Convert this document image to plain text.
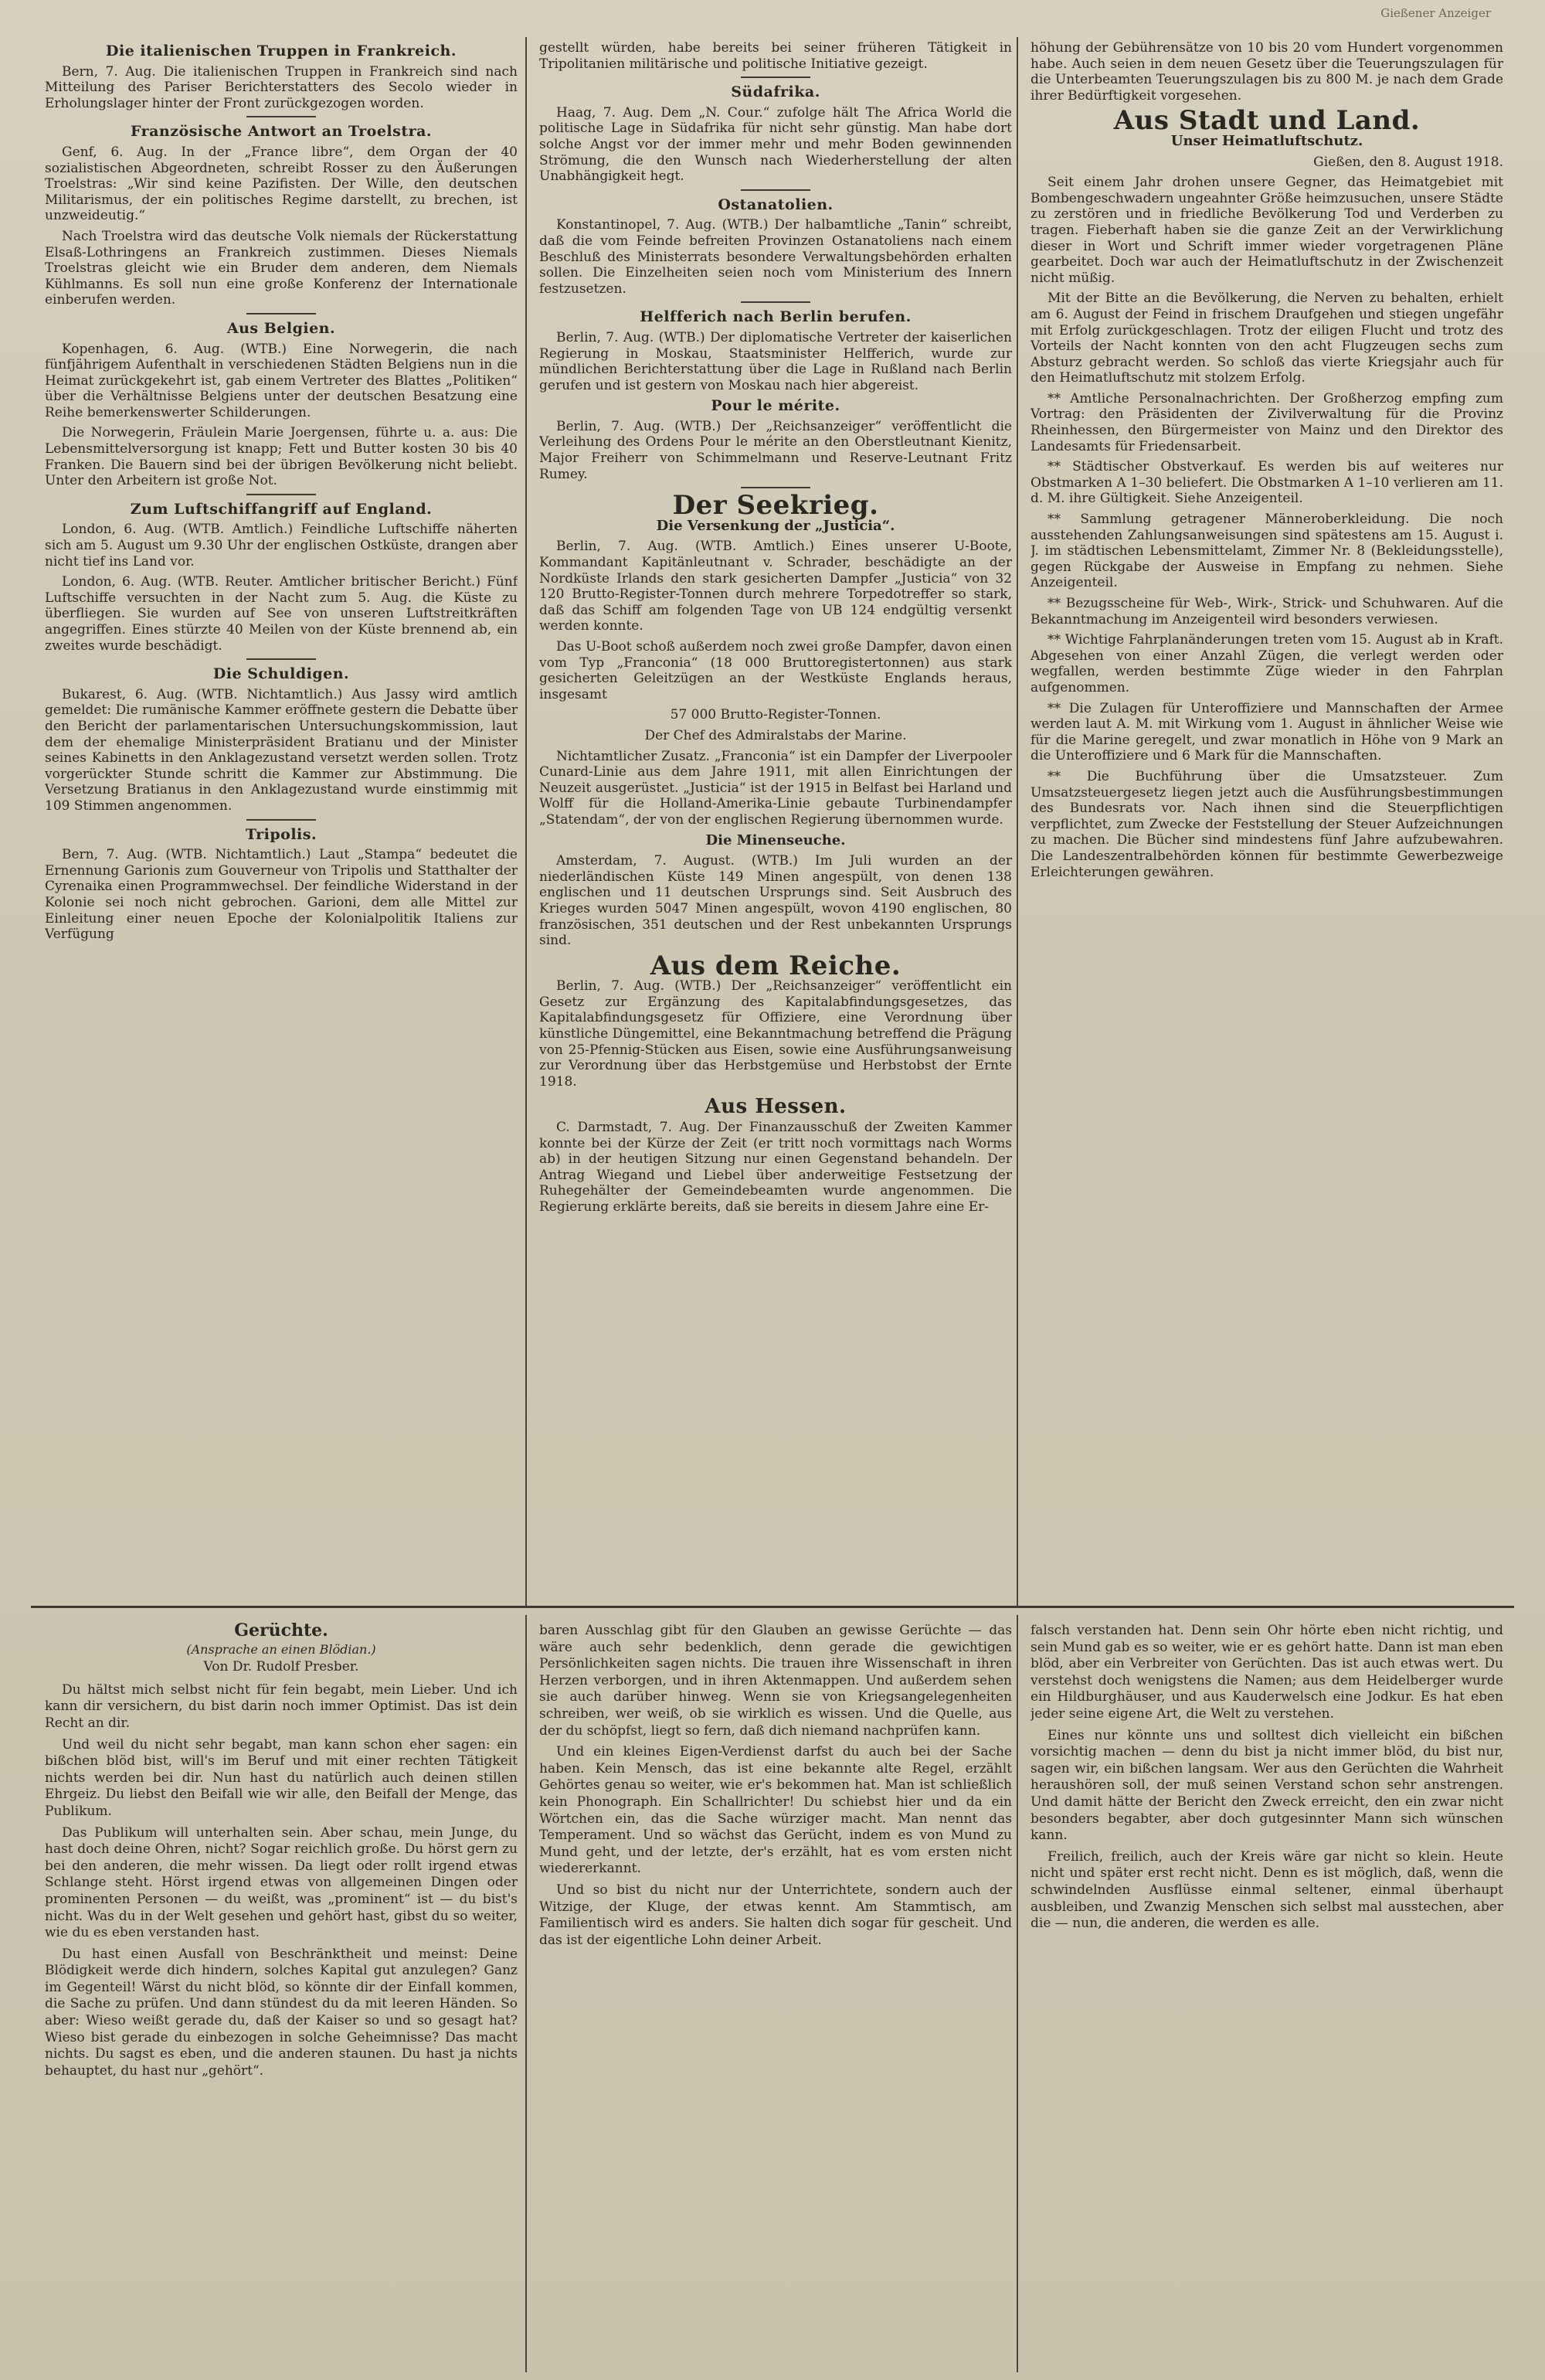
Gießener Anzeiger
Die italienischen Truppen in Frankreich.

Bern, 7. Aug. Die italienischen Truppen in Frankreich sind nach Mitteilung des Pariser Berichterstatters des Secolo wieder in Erholungslager hinter der Front zurückgezogen worden.

Französische Antwort an Troelstra.

Genf, 6. Aug. In der „France libre“, dem Organ der 40 sozialistischen Abgeordneten, schreibt Rosser zu den Äußerungen Troelstras: „Wir sind keine Pazifisten. Der Wille, den deutschen Militarismus, der ein politisches Regime darstellt, zu brechen, ist unzweideutig.“

Nach Troelstra wird das deutsche Volk niemals der Rückerstattung Elsaß-Lothringens an Frankreich zustimmen. Dieses Niemals Troelstras gleicht wie ein Bruder dem anderen, dem Niemals Kühlmanns. Es soll nun eine große Konferenz der Internationale einberufen werden.

Aus Belgien.

Kopenhagen, 6. Aug. (WTB.) Eine Norwegerin, die nach fünfjährigem Aufenthalt in verschiedenen Städten Belgiens nun in die Heimat zurückgekehrt ist, gab einem Vertreter des Blattes „Politiken“ über die Verhältnisse Belgiens unter der deutschen Besatzung eine Reihe bemerkenswerter Schilderungen.

Die Norwegerin, Fräulein Marie Joergensen, führte u. a. aus: Die Lebensmittelversorgung ist knapp; Fett und Butter kosten 30 bis 40 Franken. Die Bauern sind bei der übrigen Bevölkerung nicht beliebt. Unter den Arbeitern ist große Not.

Zum Luftschiffangriff auf England.

London, 6. Aug. (WTB. Amtlich.) Feindliche Luftschiffe näherten sich am 5. August um 9.30 Uhr der englischen Ostküste, drangen aber nicht tief ins Land vor.

London, 6. Aug. (WTB. Reuter. Amtlicher britischer Bericht.) Fünf Luftschiffe versuchten in der Nacht zum 5. Aug. die Küste zu überfliegen. Sie wurden auf See von unseren Luftstreitkräften angegriffen. Eines stürzte 40 Meilen von der Küste brennend ab, ein zweites wurde beschädigt.

Die Schuldigen.

Bukarest, 6. Aug. (WTB. Nichtamtlich.) Aus Jassy wird amtlich gemeldet: Die rumänische Kammer eröffnete gestern die Debatte über den Bericht der parlamentarischen Untersuchungskommission, laut dem der ehemalige Ministerpräsident Bratianu und der Minister seines Kabinetts in den Anklagezustand versetzt werden sollen. Trotz vorgerückter Stunde schritt die Kammer zur Abstimmung. Die Versetzung Bratianus in den Anklagezustand wurde einstimmig mit 109 Stimmen angenommen.

Tripolis.

Bern, 7. Aug. (WTB. Nichtamtlich.) Laut „Stampa“ bedeutet die Ernennung Garionis zum Gouverneur von Tripolis und Statthalter der Cyrenaika einen Programmwechsel. Der feindliche Widerstand in der Kolonie sei noch nicht gebrochen. Garioni, dem alle Mittel zur Einleitung einer neuen Epoche der Kolonialpolitik Italiens zur Verfügung

gestellt würden, habe bereits bei seiner früheren Tätigkeit in Tripolitanien militärische und politische Initiative gezeigt.

Südafrika.

Haag, 7. Aug. Dem „N. Cour.“ zufolge hält The Africa World die politische Lage in Südafrika für nicht sehr günstig. Man habe dort solche Angst vor der immer mehr und mehr Boden gewinnenden Strömung, die den Wunsch nach Wiederherstellung der alten Unabhängigkeit hegt.

Ostanatolien.

Konstantinopel, 7. Aug. (WTB.) Der halbamtliche „Tanin“ schreibt, daß die vom Feinde befreiten Provinzen Ostanatoliens nach einem Beschluß des Ministerrats besondere Verwaltungsbehörden erhalten sollen. Die Einzelheiten seien noch vom Ministerium des Innern festzusetzen.

Helfferich nach Berlin berufen.

Berlin, 7. Aug. (WTB.) Der diplomatische Vertreter der kaiserlichen Regierung in Moskau, Staatsminister Helfferich, wurde zur mündlichen Berichterstattung über die Lage in Rußland nach Berlin gerufen und ist gestern von Moskau nach hier abgereist.

Pour le mérite.

Berlin, 7. Aug. (WTB.) Der „Reichsanzeiger“ veröffentlicht die Verleihung des Ordens Pour le mérite an den Oberstleutnant Kienitz, Major Freiherr von Schimmelmann und Reserve-Leutnant Fritz Rumey.

Der Seekrieg.
Die Versenkung der „Justicia“.

Berlin, 7. Aug. (WTB. Amtlich.) Eines unserer U-Boote, Kommandant Kapitänleutnant v. Schrader, beschädigte an der Nordküste Irlands den stark gesicherten Dampfer „Justicia“ von 32 120 Brutto-Register-Tonnen durch mehrere Torpedotreffer so stark, daß das Schiff am folgenden Tage von UB 124 endgültig versenkt werden konnte.

Das U-Boot schoß außerdem noch zwei große Dampfer, davon einen vom Typ „Franconia“ (18 000 Bruttoregistertonnen) aus stark gesicherten Geleitzügen an der Westküste Englands heraus, insgesamt

57 000 Brutto-Register-Tonnen.

Der Chef des Admiralstabs der Marine.

Nichtamtlicher Zusatz. „Franconia“ ist ein Dampfer der Liverpooler Cunard-Linie aus dem Jahre 1911, mit allen Einrichtungen der Neuzeit ausgerüstet. „Justicia“ ist der 1915 in Belfast bei Harland und Wolff für die Holland-Amerika-Linie gebaute Turbinendampfer „Statendam“, der von der englischen Regierung übernommen wurde.

Die Minenseuche.

Amsterdam, 7. August. (WTB.) Im Juli wurden an der niederländischen Küste 149 Minen angespült, von denen 138 englischen und 11 deutschen Ursprungs sind. Seit Ausbruch des Krieges wurden 5047 Minen angespült, wovon 4190 englischen, 80 französischen, 351 deutschen und der Rest unbekannten Ursprungs sind.

Aus dem Reiche.

Berlin, 7. Aug. (WTB.) Der „Reichsanzeiger“ veröffentlicht ein Gesetz zur Ergänzung des Kapitalabfindungsgesetzes, das Kapitalabfindungsgesetz für Offiziere, eine Verordnung über künstliche Düngemittel, eine Bekanntmachung betreffend die Prägung von 25-Pfennig-Stücken aus Eisen, sowie eine Ausführungsanweisung zur Verordnung über das Herbstgemüse und Herbstobst der Ernte 1918.

Aus Hessen.

C. Darmstadt, 7. Aug. Der Finanzausschuß der Zweiten Kammer konnte bei der Kürze der Zeit (er tritt noch vormittags nach Worms ab) in der heutigen Sitzung nur einen Gegenstand behandeln. Der Antrag Wiegand und Liebel über anderweitige Festsetzung der Ruhegehälter der Gemeindebeamten wurde angenommen. Die Regierung erklärte bereits, daß sie bereits in diesem Jahre eine Er-

höhung der Gebührensätze von 10 bis 20 vom Hundert vorgenommen habe. Auch seien in dem neuen Gesetz über die Teuerungszulagen für die Unterbeamten Teuerungszulagen bis zu 800 M. je nach dem Grade ihrer Bedürftigkeit vorgesehen.

Aus Stadt und Land.
Unser Heimatluftschutz.

Gießen, den 8. August 1918.

Seit einem Jahr drohen unsere Gegner, das Heimatgebiet mit Bombengeschwadern ungeahnter Größe heimzusuchen, unsere Städte zu zerstören und in friedliche Bevölkerung Tod und Verderben zu tragen. Fieberhaft haben sie die ganze Zeit an der Verwirklichung dieser in Wort und Schrift immer wieder vorgetragenen Pläne gearbeitet. Doch war auch der Heimatluftschutz in der Zwischenzeit nicht müßig.

Mit der Bitte an die Bevölkerung, die Nerven zu behalten, erhielt am 6. August der Feind in frischem Draufgehen und stiegen ungefähr mit Erfolg zurückgeschlagen. Trotz der eiligen Flucht und trotz des Vorteils der Nacht konnten von den acht Flugzeugen sechs zum Absturz gebracht werden. So schloß das vierte Kriegsjahr auch für den Heimatluftschutz mit stolzem Erfolg.

** Amtliche Personalnachrichten. Der Großherzog empfing zum Vortrag: den Präsidenten der Zivilverwaltung für die Provinz Rheinhessen, den Bürgermeister von Mainz und den Direktor des Landesamts für Friedensarbeit.

** Städtischer Obstverkauf. Es werden bis auf weiteres nur Obstmarken A 1–30 beliefert. Die Obstmarken A 1–10 verlieren am 11. d. M. ihre Gültigkeit. Siehe Anzeigenteil.

** Sammlung getragener Männeroberkleidung. Die noch ausstehenden Zahlungsanweisungen sind spätestens am 15. August i. J. im städtischen Lebensmittelamt, Zimmer Nr. 8 (Bekleidungsstelle), gegen Rückgabe der Ausweise in Empfang zu nehmen. Siehe Anzeigenteil.

** Bezugsscheine für Web-, Wirk-, Strick- und Schuhwaren. Auf die Bekanntmachung im Anzeigenteil wird besonders verwiesen.

** Wichtige Fahrplanänderungen treten vom 15. August ab in Kraft. Abgesehen von einer Anzahl Zügen, die verlegt werden oder wegfallen, werden bestimmte Züge wieder in den Fahrplan aufgenommen.

** Die Zulagen für Unteroffiziere und Mannschaften der Armee werden laut A. M. mit Wirkung vom 1. August in ähnlicher Weise wie für die Marine geregelt, und zwar monatlich in Höhe von 9 Mark an die Unteroffiziere und 6 Mark für die Mannschaften.

** Die Buchführung über die Umsatzsteuer. Zum Umsatzsteuergesetz liegen jetzt auch die Ausführungsbestimmungen des Bundesrats vor. Nach ihnen sind die Steuerpflichtigen verpflichtet, zum Zwecke der Feststellung der Steuer Aufzeichnungen zu machen. Die Bücher sind mindestens fünf Jahre aufzubewahren. Die Landeszentralbehörden können für bestimmte Gewerbezweige Erleichterungen gewähren.

Gerüchte.
(Ansprache an einen Blödian.)
Von Dr. Rudolf Presber.

Du hältst mich selbst nicht für fein begabt, mein Lieber. Und ich kann dir versichern, du bist darin noch immer Optimist. Das ist dein Recht an dir.

Und weil du nicht sehr begabt, man kann schon eher sagen: ein bißchen blöd bist, will's im Beruf und mit einer rechten Tätigkeit nichts werden bei dir. Nun hast du natürlich auch deinen stillen Ehrgeiz. Du liebst den Beifall wie wir alle, den Beifall der Menge, das Publikum.

Das Publikum will unterhalten sein. Aber schau, mein Junge, du hast doch deine Ohren, nicht? Sogar reichlich große. Du hörst gern zu bei den anderen, die mehr wissen. Da liegt oder rollt irgend etwas Schlange steht. Hörst irgend etwas von allgemeinen Dingen oder prominenten Personen — du weißt, was „prominent“ ist — du bist's nicht. Was du in der Welt gesehen und gehört hast, gibst du so weiter, wie du es eben verstanden hast.

Du hast einen Ausfall von Beschränktheit und meinst: Deine Blödigkeit werde dich hindern, solches Kapital gut anzulegen? Ganz im Gegenteil! Wärst du nicht blöd, so könnte dir der Einfall kommen, die Sache zu prüfen. Und dann stündest du da mit leeren Händen. So aber: Wieso weißt gerade du, daß der Kaiser so und so gesagt hat? Wieso bist gerade du einbezogen in solche Geheimnisse? Das macht nichts. Du sagst es eben, und die anderen staunen. Du hast ja nichts behauptet, du hast nur „gehört“.

baren Ausschlag gibt für den Glauben an gewisse Gerüchte — das wäre auch sehr bedenklich, denn gerade die gewichtigen Persönlichkeiten sagen nichts. Die trauen ihre Wissenschaft in ihren Herzen verborgen, und in ihren Aktenmappen. Und außerdem sehen sie auch darüber hinweg. Wenn sie von Kriegsangelegenheiten schreiben, wer weiß, ob sie wirklich es wissen. Und die Quelle, aus der du schöpfst, liegt so fern, daß dich niemand nachprüfen kann.

Und ein kleines Eigen-Verdienst darfst du auch bei der Sache haben. Kein Mensch, das ist eine bekannte alte Regel, erzählt Gehörtes genau so weiter, wie er's bekommen hat. Man ist schließlich kein Phonograph. Ein Schallrichter! Du schiebst hier und da ein Wörtchen ein, das die Sache würziger macht. Man nennt das Temperament. Und so wächst das Gerücht, indem es von Mund zu Mund geht, und der letzte, der's erzählt, hat es vom ersten nicht wiedererkannt.

Und so bist du nicht nur der Unterrichtete, sondern auch der Witzige, der Kluge, der etwas kennt. Am Stammtisch, am Familientisch wird es anders. Sie halten dich sogar für gescheit. Und das ist der eigentliche Lohn deiner Arbeit.

falsch verstanden hat. Denn sein Ohr hörte eben nicht richtig, und sein Mund gab es so weiter, wie er es gehört hatte. Dann ist man eben blöd, aber ein Verbreiter von Gerüchten. Das ist auch etwas wert. Du verstehst doch wenigstens die Namen; aus dem Heidelberger wurde ein Hildburghäuser, und aus Kauderwelsch eine Jodkur. Es hat eben jeder seine eigene Art, die Welt zu verstehen.

Eines nur könnte uns und solltest dich vielleicht ein bißchen vorsichtig machen — denn du bist ja nicht immer blöd, du bist nur, sagen wir, ein bißchen langsam. Wer aus den Gerüchten die Wahrheit heraushören soll, der muß seinen Verstand schon sehr anstrengen. Und damit hätte der Bericht den Zweck erreicht, den ein zwar nicht besonders begabter, aber doch gutgesinnter Mann sich wünschen kann.

Freilich, freilich, auch der Kreis wäre gar nicht so klein. Heute nicht und später erst recht nicht. Denn es ist möglich, daß, wenn die schwindelnden Ausflüsse einmal seltener, einmal überhaupt ausbleiben, und Zwanzig Menschen sich selbst mal ausstechen, aber die — nun, die anderen, die werden es alle.
